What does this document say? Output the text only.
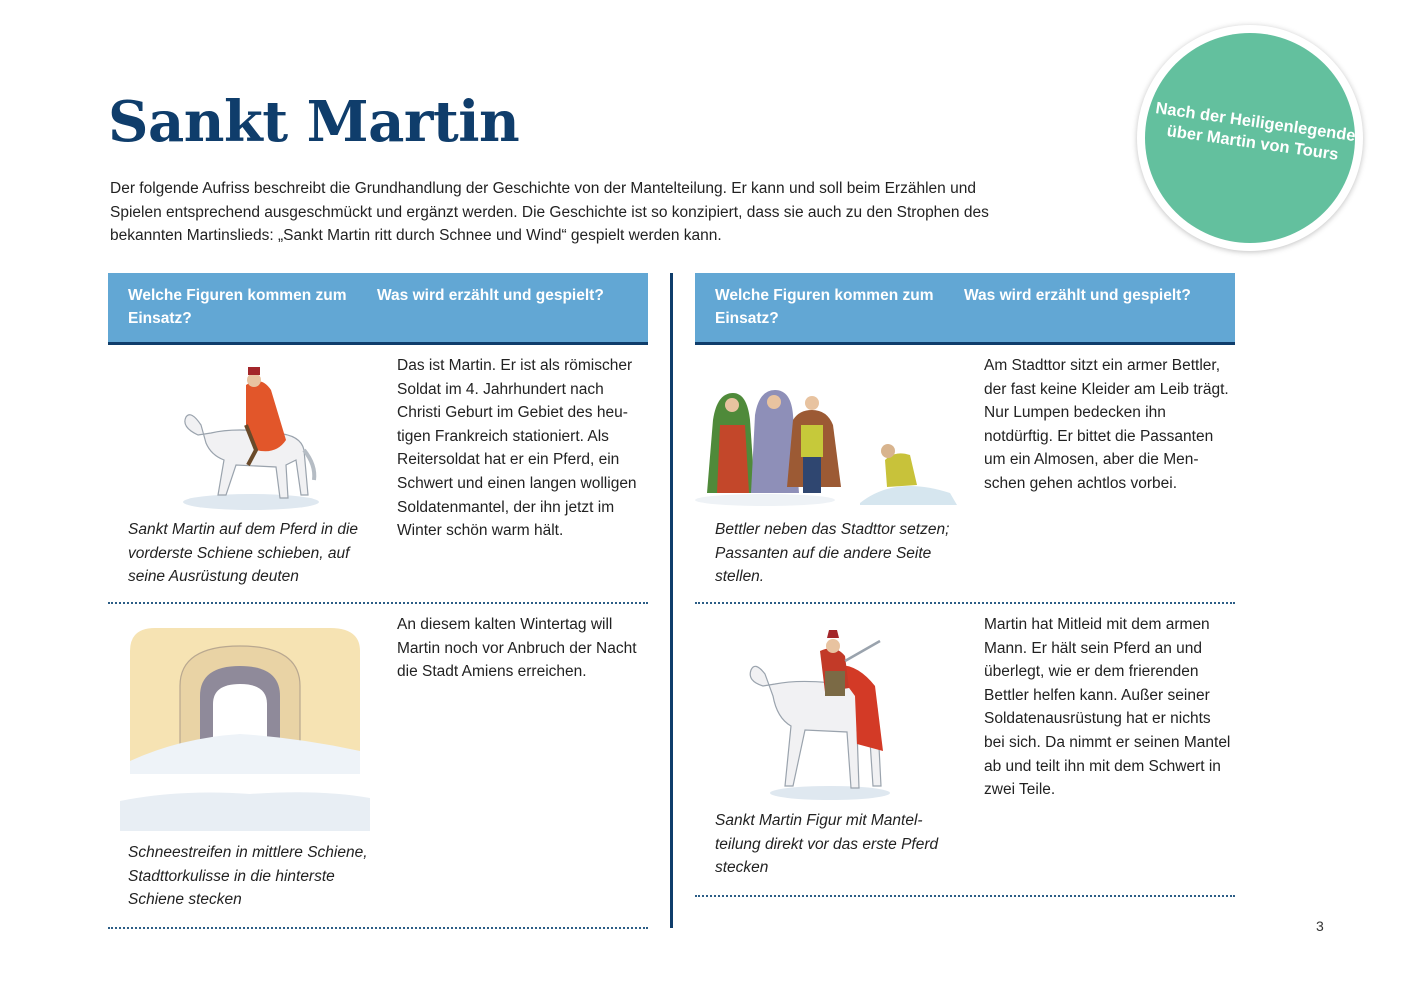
Sankt Martin
Der folgende Aufriss beschreibt die Grundhandlung der Geschichte von der Mantelteilung. Er kann und soll beim Erzählen und Spielen entsprechend ausgeschmückt und ergänzt werden. Die Geschichte ist so konzipiert, dass sie auch zu den Strophen des bekannten Martinslieds: „Sankt Martin ritt durch Schnee und Wind“ gespielt werden kann.
Nach der Heiligenlegende über Martin von Tours
Welche Figuren kommen zum Einsatz?
Was wird erzählt und gespielt?
Sankt Martin auf dem Pferd in die vorderste Schiene schieben, auf seine Ausrüstung deuten
Das ist Martin. Er ist als römischer Soldat im 4. Jahrhundert nach Christi Geburt im Gebiet des heu-tigen Frankreich stationiert. Als Reitersoldat hat er ein Pferd, ein Schwert und einen langen wolligen Soldatenmantel, der ihn jetzt im Winter schön warm hält.
Schneestreifen in mittlere Schiene, Stadttorkulisse in die hinterste Schiene stecken
An diesem kalten Wintertag will Martin noch vor Anbruch der Nacht die Stadt Amiens erreichen.
Welche Figuren kommen zum Einsatz?
Was wird erzählt und gespielt?
Bettler neben das Stadttor setzen; Passanten auf die andere Seite stellen.
Am Stadttor sitzt ein armer Bettler, der fast keine Kleider am Leib trägt. Nur Lumpen bedecken ihn notdürftig. Er bittet die Passanten um ein Almosen, aber die Men-schen gehen achtlos vorbei.
Sankt Martin Figur mit Mantel-teilung direkt vor das erste Pferd stecken
Martin hat Mitleid mit dem armen Mann. Er hält sein Pferd an und überlegt, wie er dem frierenden Bettler helfen kann. Außer seiner Soldatenausrüstung hat er nichts bei sich. Da nimmt er seinen Mantel ab und teilt ihn mit dem Schwert in zwei Teile.
3
